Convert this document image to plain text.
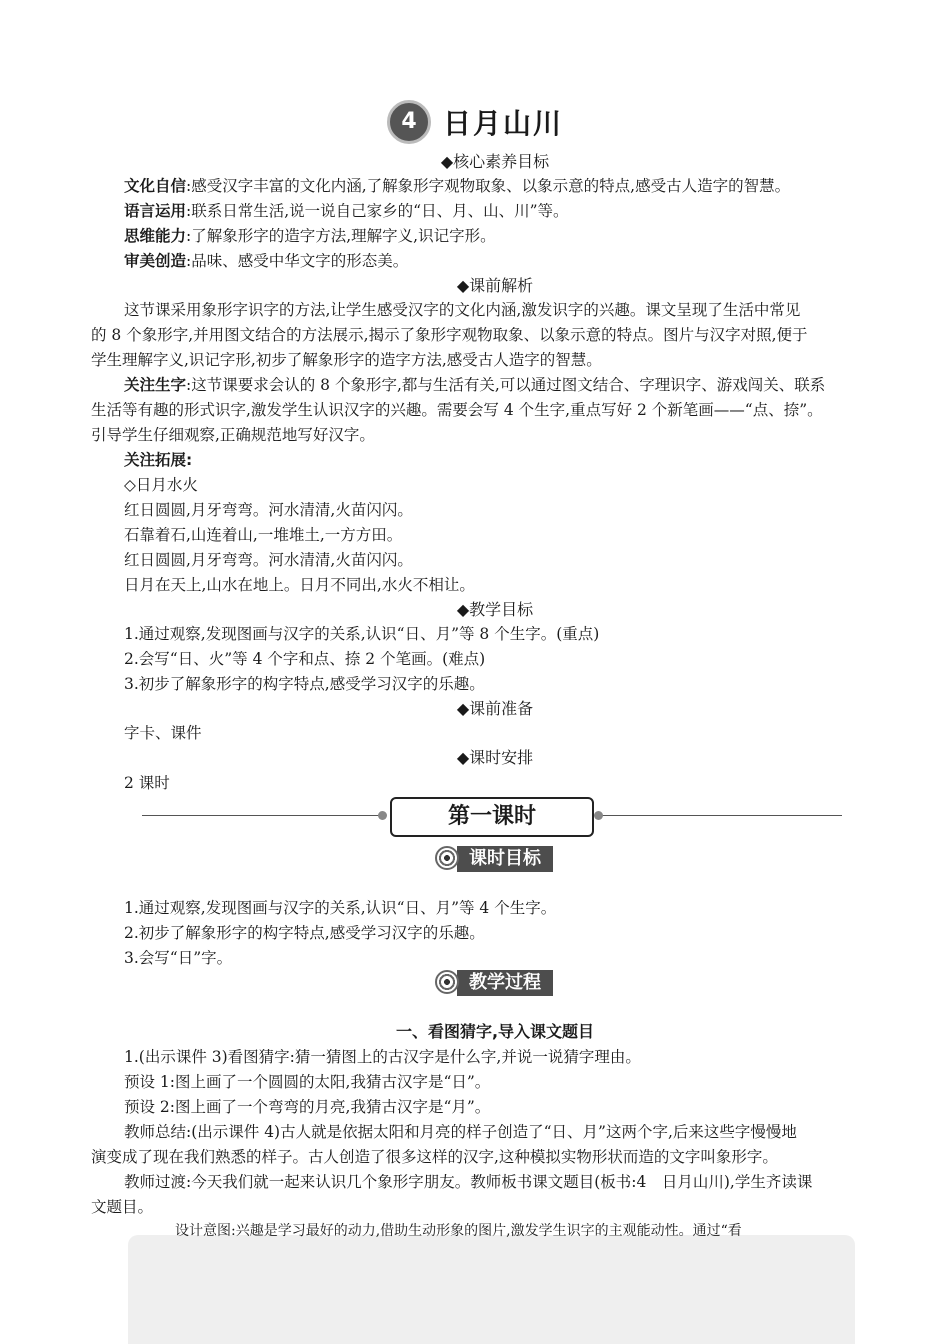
4 日月山川
◆核心素养目标
文化自信:感受汉字丰富的文化内涵,了解象形字观物取象、以象示意的特点,感受古人造字的智慧。
语言运用:联系日常生活,说一说自己家乡的“日、月、山、川”等。
思维能力:了解象形字的造字方法,理解字义,识记字形。
审美创造:品味、感受中华文字的形态美。
◆课前解析
这节课采用象形字识字的方法,让学生感受汉字的文化内涵,激发识字的兴趣。课文呈现了生活中常见
的 8 个象形字,并用图文结合的方法展示,揭示了象形字观物取象、以象示意的特点。图片与汉字对照,便于
学生理解字义,识记字形,初步了解象形字的造字方法,感受古人造字的智慧。
关注生字:这节课要求会认的 8 个象形字,都与生活有关,可以通过图文结合、字理识字、游戏闯关、联系
生活等有趣的形式识字,激发学生认识汉字的兴趣。需要会写 4 个生字,重点写好 2 个新笔画——“点、捺”。
引导学生仔细观察,正确规范地写好汉字。
关注拓展:
◇日月水火
红日圆圆,月牙弯弯。河水清清,火苗闪闪。
石靠着石,山连着山,一堆堆土,一方方田。
红日圆圆,月牙弯弯。河水清清,火苗闪闪。
日月在天上,山水在地上。日月不同出,水火不相让。
◆教学目标
1.通过观察,发现图画与汉字的关系,认识“日、月”等 8 个生字。(重点)
2.会写“日、火”等 4 个字和点、捺 2 个笔画。(难点)
3.初步了解象形字的构字特点,感受学习汉字的乐趣。
◆课前准备
字卡、课件
◆课时安排
2 课时
第一课时
课时目标
1.通过观察,发现图画与汉字的关系,认识“日、月”等 4 个生字。
2.初步了解象形字的构字特点,感受学习汉字的乐趣。
3.会写“日”字。
教学过程
一、看图猜字,导入课文题目
1.(出示课件 3)看图猜字:猜一猜图上的古汉字是什么字,并说一说猜字理由。
预设 1:图上画了一个圆圆的太阳,我猜古汉字是“日”。
预设 2:图上画了一个弯弯的月亮,我猜古汉字是“月”。
教师总结:(出示课件 4)古人就是依据太阳和月亮的样子创造了“日、月”这两个字,后来这些字慢慢地
演变成了现在我们熟悉的样子。古人创造了很多这样的汉字,这种模拟实物形状而造的文字叫象形字。
教师过渡:今天我们就一起来认识几个象形字朋友。教师板书课文题目(板书:4　日月山川),学生齐读课
文题目。
设计意图:兴趣是学习最好的动力,借助生动形象的图片,激发学生识字的主观能动性。通过“看
